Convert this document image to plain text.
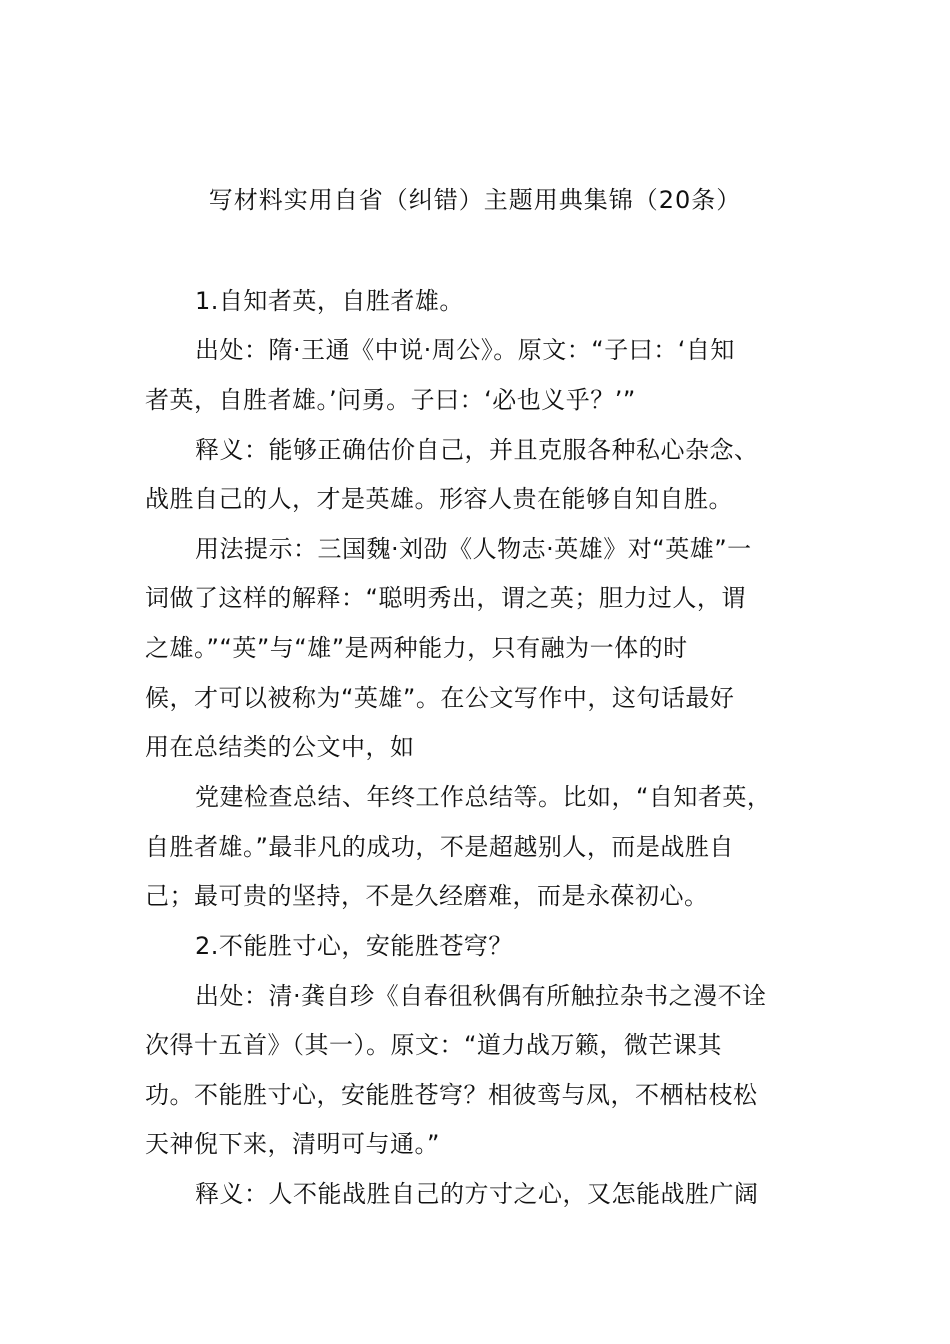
写材料实用自省（纠错）主题用典集锦（20条）
1.自知者英，自胜者雄。
出处：隋·王通《中说·周公》。原文：“子曰：‘自知
者英，自胜者雄。’问勇。子曰：‘必也义乎？’”
释义：能够正确估价自己，并且克服各种私心杂念、
战胜自己的人，才是英雄。形容人贵在能够自知自胜。
用法提示：三国魏·刘劭《人物志·英雄》对“英雄”一
词做了这样的解释：“聪明秀出，谓之英；胆力过人，谓
之雄。”“英”与“雄”是两种能力，只有融为一体的时
候，才可以被称为“英雄”。在公文写作中，这句话最好
用在总结类的公文中，如
党建检查总结、年终工作总结等。比如，“自知者英，
自胜者雄。”最非凡的成功，不是超越别人，而是战胜自
己；最可贵的坚持，不是久经磨难，而是永葆初心。
2.不能胜寸心，安能胜苍穹？
出处：清·龚自珍《自春徂秋偶有所触拉杂书之漫不诠
次得十五首》（其一）。原文：“道力战万籁，微芒课其
功。不能胜寸心，安能胜苍穹？相彼鸾与凤，不栖枯枝松
天神倪下来，清明可与通。”
释义：人不能战胜自己的方寸之心，又怎能战胜广阔
